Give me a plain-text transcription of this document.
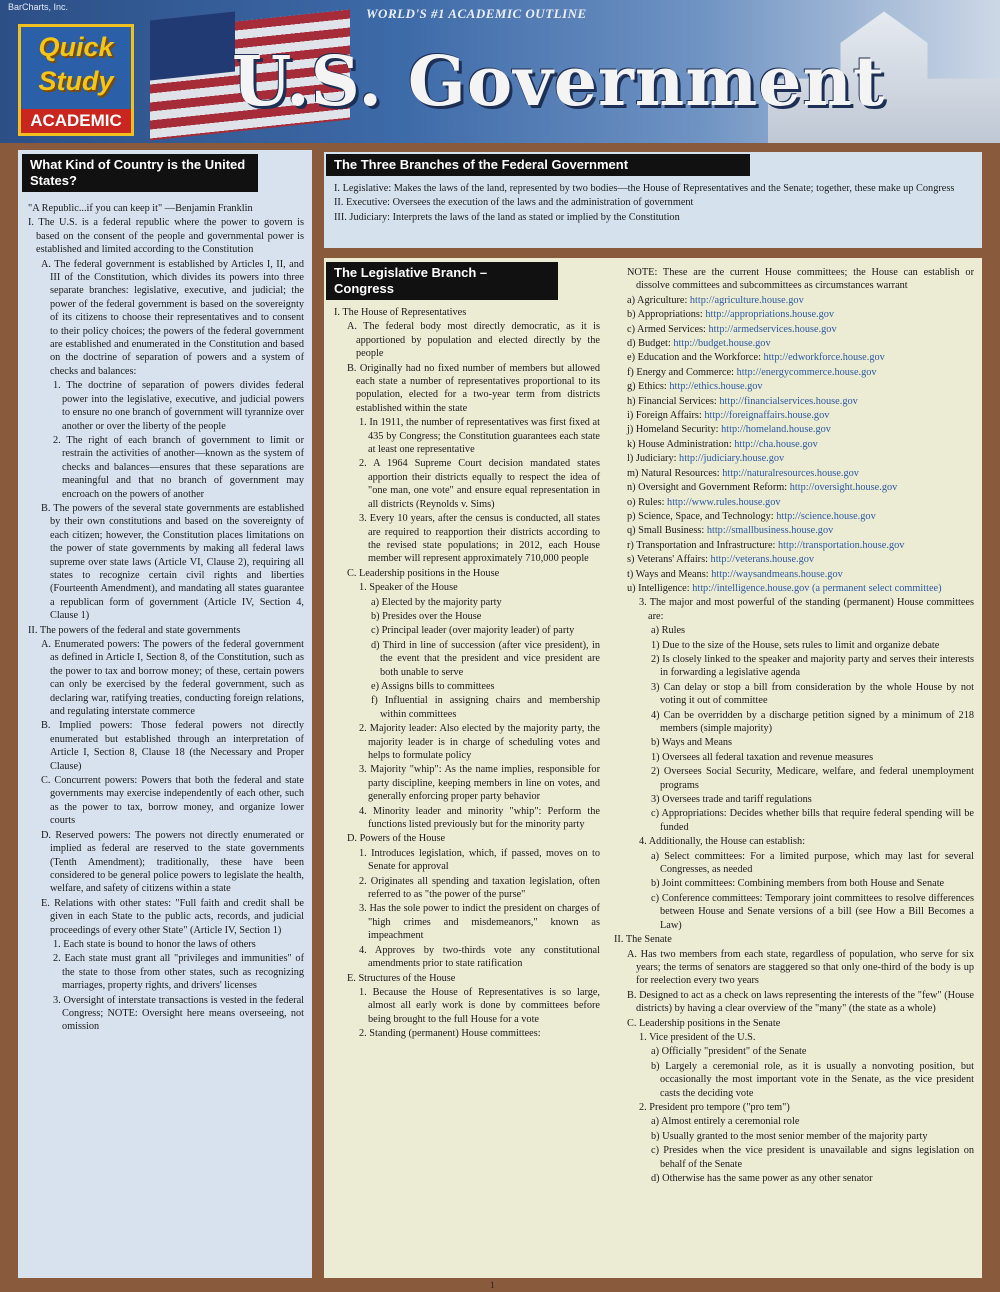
BarCharts, Inc.
Quick
Study
ACADEMIC
WORLD'S #1 ACADEMIC OUTLINE
U.S. Government

"A Republic...if you can keep it" —Benjamin Franklin

I. The U.S. is a federal republic where the power to govern is based on the consent of the people and governmental power is established and limited according to the Constitution

A. The federal government is established by Articles I, II, and III of the Constitution, which divides its powers into three separate branches: legislative, executive, and judicial; the power of the federal government is based on the sovereignty of its citizens to choose their representatives and to consent to their policy choices; the powers of the federal government are established and enumerated in the Constitution and based on the doctrine of separation of powers and a system of checks and balances:

1. The doctrine of separation of powers divides federal power into the legislative, executive, and judicial powers to ensure no one branch of government will tyrannize over another or over the liberty of the people

2. The right of each branch of government to limit or restrain the activities of another—known as the system of checks and balances—ensures that these separations are meaningful and that no branch of government may encroach on the powers of another

B. The powers of the several state governments are established by their own constitutions and based on the sovereignty of each citizen; however, the Constitution places limitations on the power of state governments by making all federal laws supreme over state laws (Article VI, Clause 2), requiring all states to recognize certain civil rights and liberties (Fourteenth Amendment), and mandating all states guarantee a republican form of government (Article IV, Section 4, Clause 1)

II. The powers of the federal and state governments

A. Enumerated powers: The powers of the federal government as defined in Article I, Section 8, of the Constitution, such as the power to tax and borrow money; of these, certain powers can only be exercised by the federal government, such as declaring war, ratifying treaties, conducting foreign relations, and regulating interstate commerce

B. Implied powers: Those federal powers not directly enumerated but established through an interpretation of Article I, Section 8, Clause 18 (the Necessary and Proper Clause)

C. Concurrent powers: Powers that both the federal and state governments may exercise independently of each other, such as the power to tax, borrow money, and organize lower courts

D. Reserved powers: The powers not directly enumerated or implied as federal are reserved to the state governments (Tenth Amendment); traditionally, these have been considered to be general police powers to legislate the health, welfare, and safety of citizens within a state

E. Relations with other states: "Full faith and credit shall be given in each State to the public acts, records, and judicial proceedings of every other State" (Article IV, Section 1)

1. Each state is bound to honor the laws of others

2. Each state must grant all "privileges and immunities" of the state to those from other states, such as recognizing marriages, property rights, and drivers' licenses

3. Oversight of interstate transactions is vested in the federal Congress; NOTE: Oversight here means overseeing, not omission

What Kind of Country is the United States?

I. Legislative: Makes the laws of the land, represented by two bodies—the House of Representatives and the Senate; together, these make up Congress

II. Executive: Oversees the execution of the laws and the administration of government

III. Judiciary: Interprets the laws of the land as stated or implied by the Constitution

The Three Branches of the Federal Government

I. The House of Representatives

A. The federal body most directly democratic, as it is apportioned by population and elected directly by the people

B. Originally had no fixed number of members but allowed each state a number of representatives proportional to its population, elected for a two-year term from districts established within the state

1. In 1911, the number of representatives was first fixed at 435 by Congress; the Constitution guarantees each state at least one representative

2. A 1964 Supreme Court decision mandated states apportion their districts equally to respect the idea of "one man, one vote" and ensure equal representation in all districts (Reynolds v. Sims)

3. Every 10 years, after the census is conducted, all states are required to reapportion their districts according to the revised state populations; in 2012, each House member will represent approximately 710,000 people

C. Leadership positions in the House

1. Speaker of the House

a) Elected by the majority party

b) Presides over the House

c) Principal leader (over majority leader) of party

d) Third in line of succession (after vice president), in the event that the president and vice president are both unable to serve

e) Assigns bills to committees

f) Influential in assigning chairs and membership within committees

2. Majority leader: Also elected by the majority party, the majority leader is in charge of scheduling votes and helps to formulate policy

3. Majority "whip": As the name implies, responsible for party discipline, keeping members in line on votes, and generally enforcing proper party behavior

4. Minority leader and minority "whip": Perform the functions listed previously but for the minority party

D. Powers of the House

1. Introduces legislation, which, if passed, moves on to Senate for approval

2. Originates all spending and taxation legislation, often referred to as "the power of the purse"

3. Has the sole power to indict the president on charges of "high crimes and misdemeanors," known as impeachment

4. Approves by two-thirds vote any constitutional amendments prior to state ratification

E. Structures of the House

1. Because the House of Representatives is so large, almost all early work is done by committees before being brought to the full House for a vote

2. Standing (permanent) House committees:

NOTE: These are the current House committees; the House can establish or dissolve committees and subcommittees as circumstances warrant

a) Agriculture: http://agriculture.house.gov

b) Appropriations: http://appropriations.house.gov

c) Armed Services: http://armedservices.house.gov

d) Budget: http://budget.house.gov

e) Education and the Workforce: http://edworkforce.house.gov

f) Energy and Commerce: http://energycommerce.house.gov

g) Ethics: http://ethics.house.gov

h) Financial Services: http://financialservices.house.gov

i) Foreign Affairs: http://foreignaffairs.house.gov

j) Homeland Security: http://homeland.house.gov

k) House Administration: http://cha.house.gov

l) Judiciary: http://judiciary.house.gov

m) Natural Resources: http://naturalresources.house.gov

n) Oversight and Government Reform: http://oversight.house.gov

o) Rules: http://www.rules.house.gov

p) Science, Space, and Technology: http://science.house.gov

q) Small Business: http://smallbusiness.house.gov

r) Transportation and Infrastructure: http://transportation.house.gov

s) Veterans' Affairs: http://veterans.house.gov

t) Ways and Means: http://waysandmeans.house.gov

u) Intelligence: http://intelligence.house.gov (a permanent select committee)

3. The major and most powerful of the standing (permanent) House committees are:

a) Rules

1) Due to the size of the House, sets rules to limit and organize debate

2) Is closely linked to the speaker and majority party and serves their interests in forwarding a legislative agenda

3) Can delay or stop a bill from consideration by the whole House by not voting it out of committee

4) Can be overridden by a discharge petition signed by a minimum of 218 members (simple majority)

b) Ways and Means

1) Oversees all federal taxation and revenue measures

2) Oversees Social Security, Medicare, welfare, and federal unemployment programs

3) Oversees trade and tariff regulations

c) Appropriations: Decides whether bills that require federal spending will be funded

4. Additionally, the House can establish:

a) Select committees: For a limited purpose, which may last for several Congresses, as needed

b) Joint committees: Combining members from both House and Senate

c) Conference committees: Temporary joint committees to resolve differences between House and Senate versions of a bill (see How a Bill Becomes a Law)

II. The Senate

A. Has two members from each state, regardless of population, who serve for six years; the terms of senators are staggered so that only one-third of the body is up for reelection every two years

B. Designed to act as a check on laws representing the interests of the "few" (House districts) by having a clear overview of the "many" (the state as a whole)

C. Leadership positions in the Senate

1. Vice president of the U.S.

a) Officially "president" of the Senate

b) Largely a ceremonial role, as it is usually a nonvoting position, but occasionally the most important vote in the Senate, as the vice president casts the deciding vote

2. President pro tempore ("pro tem")

a) Almost entirely a ceremonial role

b) Usually granted to the most senior member of the majority party

c) Presides when the vice president is unavailable and signs legislation on behalf of the Senate

d) Otherwise has the same power as any other senator

The Legislative Branch – Congress
1
